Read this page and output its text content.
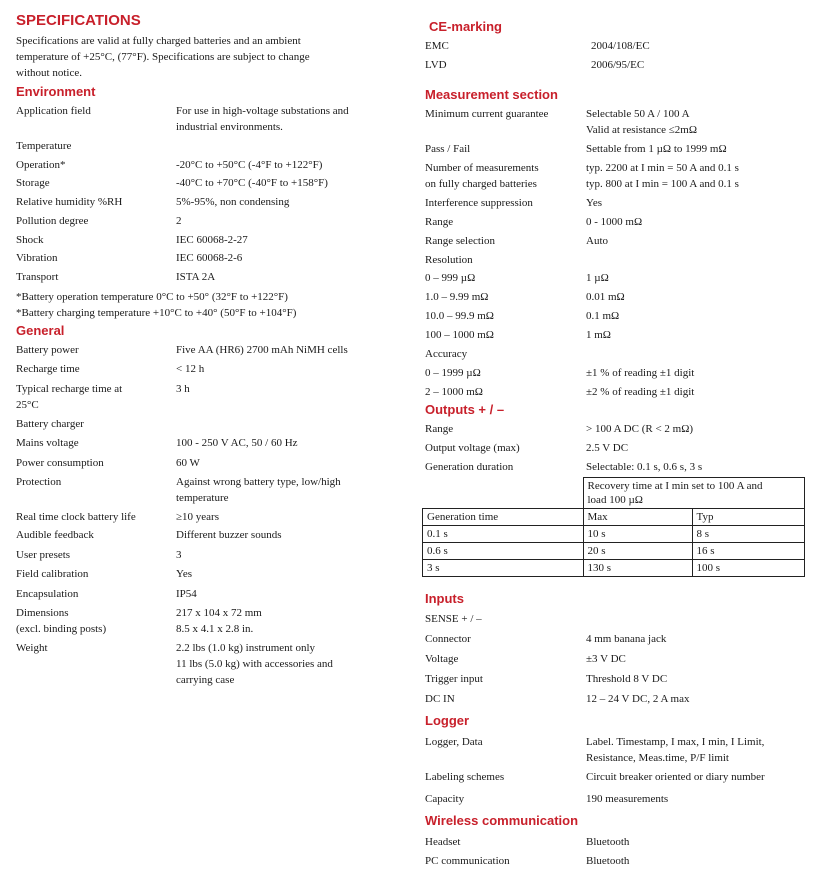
SPECIFICATIONS
Specifications are valid at fully charged batteries and an ambient
temperature of +25°C, (77°F). Specifications are subject to change
without notice.
Environment
Application field	For use in high-voltage substations and
industrial environments.
Temperature
Operation*	-20°C to +50°C (-4°F to +122°F)
Storage	-40°C to +70°C (-40°F to +158°F)
Relative humidity %RH	5%-95%, non condensing
Pollution degree	2
Shock	IEC 60068-2-27
Vibration	IEC 60068-2-6
Transport	ISTA 2A
*Battery operation temperature 0°C to +50° (32°F to +122°F)
*Battery charging temperature +10°C to +40° (50°F to +104°F)
General
Battery power	Five AA (HR6) 2700 mAh NiMH cells
Recharge time	< 12 h
Typical recharge time at	3 h
25°C
Battery charger
Mains voltage	100 - 250 V AC, 50 / 60 Hz
Power consumption	60 W
Protection	Against wrong battery type, low/high
temperature
Real time clock battery life	≥10 years
Audible feedback	Different buzzer sounds
User presets	3
Field calibration	Yes
Encapsulation	IP54
Dimensions	217 x 104 x 72 mm
(excl. binding posts)	8.5 x 4.1 x 2.8 in.
Weight	2.2 lbs (1.0 kg) instrument only
11 lbs (5.0 kg) with accessories and
carrying case
CE-marking
EMC	2004/108/EC
LVD	2006/95/EC
Measurement section
Minimum current guarantee	Selectable 50 A / 100 A
Valid at resistance ≤2mΩ
Pass / Fail	Settable from 1 µΩ to 1999 mΩ
Number of measurements	typ. 2200 at I min = 50 A and 0.1 s
on fully charged batteries	typ. 800 at I min = 100 A and 0.1 s
Interference suppression	Yes
Range	0 - 1000 mΩ
Range selection	Auto
Resolution
0 – 999 µΩ	1 µΩ
1.0 – 9.99 mΩ	0.01 mΩ
10.0 – 99.9 mΩ	0.1 mΩ
100 – 1000 mΩ	1 mΩ
Accuracy
0 – 1999 µΩ	±1 % of reading ±1 digit
2 – 1000 mΩ	±2 % of reading ±1 digit
Outputs + / –
Range	> 100 A DC (R < 2 mΩ)
Output voltage (max)	2.5 V DC
Generation duration	Selectable: 0.1 s, 0.6 s, 3 s

	Recovery time at I min set to 100 A and
load 100 µΩ	

Generation time	Max	Typ
0.1 s	10 s	8 s
0.6 s	20 s	16 s
3 s	130 s	100 s
Inputs
SENSE + / –
Connector	4 mm banana jack
Voltage	±3 V DC
Trigger input	Threshold 8 V DC
DC IN	12 – 24 V DC, 2 A max
Logger
Logger, Data	Label. Timestamp, I max, I min, I Limit,
Resistance, Meas.time, P/F limit
Labeling schemes	Circuit breaker oriented or diary number
Capacity	190 measurements
Wireless communication
Headset	Bluetooth
PC communication	Bluetooth
